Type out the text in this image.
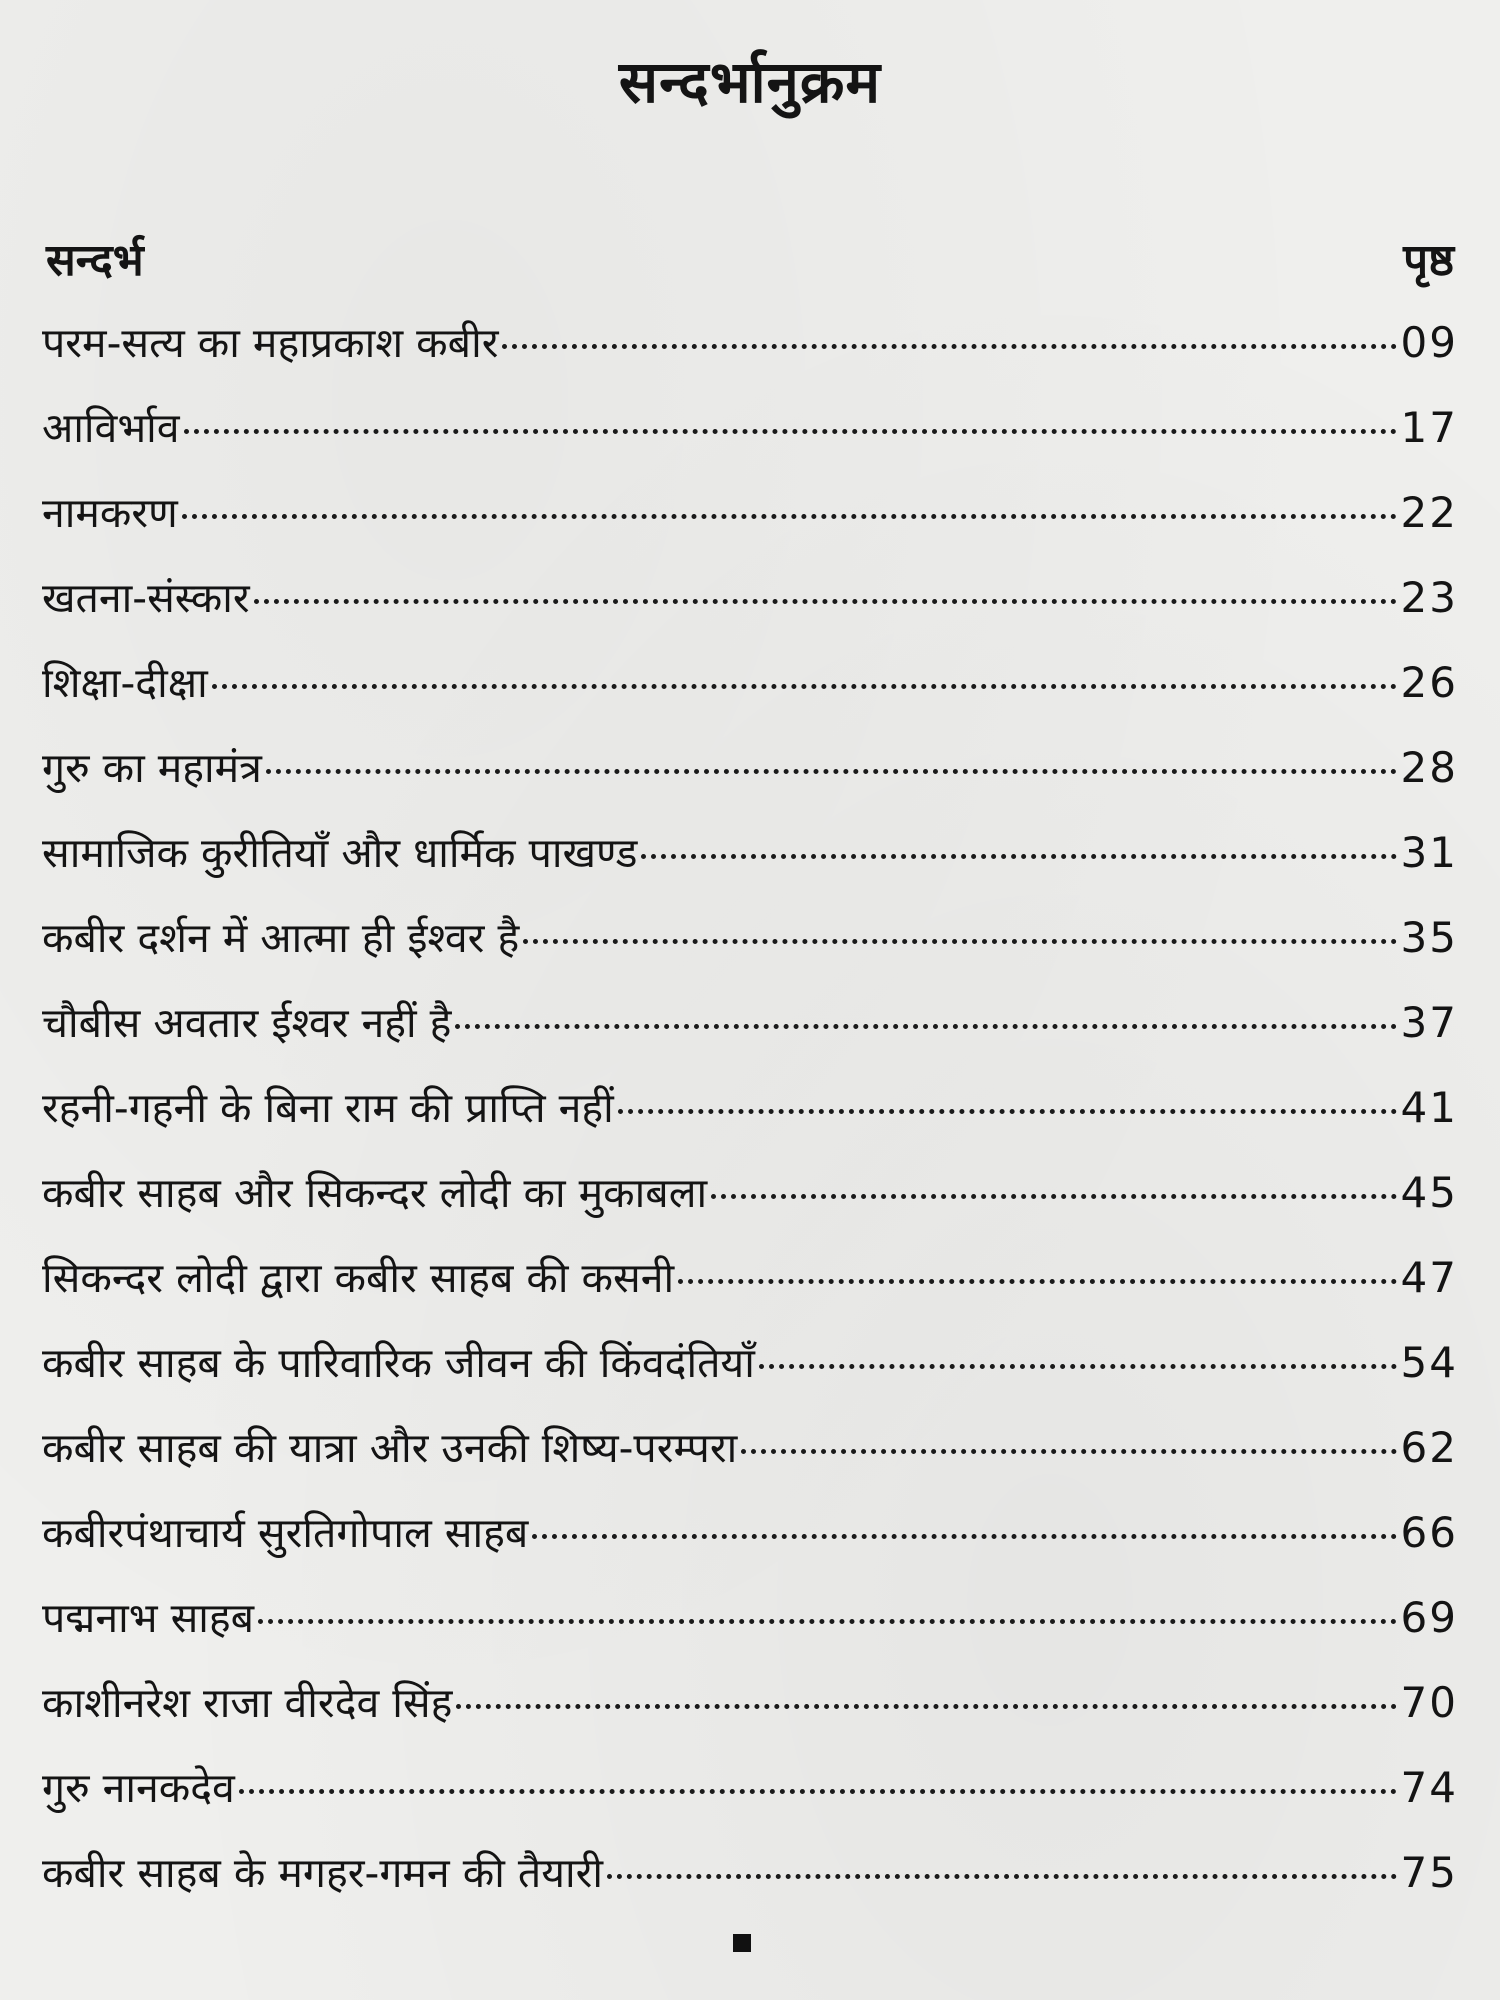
सन्दर्भानुक्रम
सन्दर्भ	पृष्ठ
परम-सत्य का महाप्रकाश कबीर	09
आविर्भाव	17
नामकरण	22
खतना-संस्कार	23
शिक्षा-दीक्षा	26
गुरु का महामंत्र	28
सामाजिक कुरीतियाँ और धार्मिक पाखण्ड	31
कबीर दर्शन में आत्मा ही ईश्वर है	35
चौबीस अवतार ईश्वर नहीं है	37
रहनी-गहनी के बिना राम की प्राप्ति नहीं	41
कबीर साहब और सिकन्दर लोदी का मुकाबला	45
सिकन्दर लोदी द्वारा कबीर साहब की कसनी	47
कबीर साहब के पारिवारिक जीवन की किंवदंतियाँ	54
कबीर साहब की यात्रा और उनकी शिष्य-परम्परा	62
कबीरपंथाचार्य सुरतिगोपाल साहब	66
पद्मनाभ साहब	69
काशीनरेश राजा वीरदेव सिंह	70
गुरु नानकदेव	74
कबीर साहब के मगहर-गमन की तैयारी	75
